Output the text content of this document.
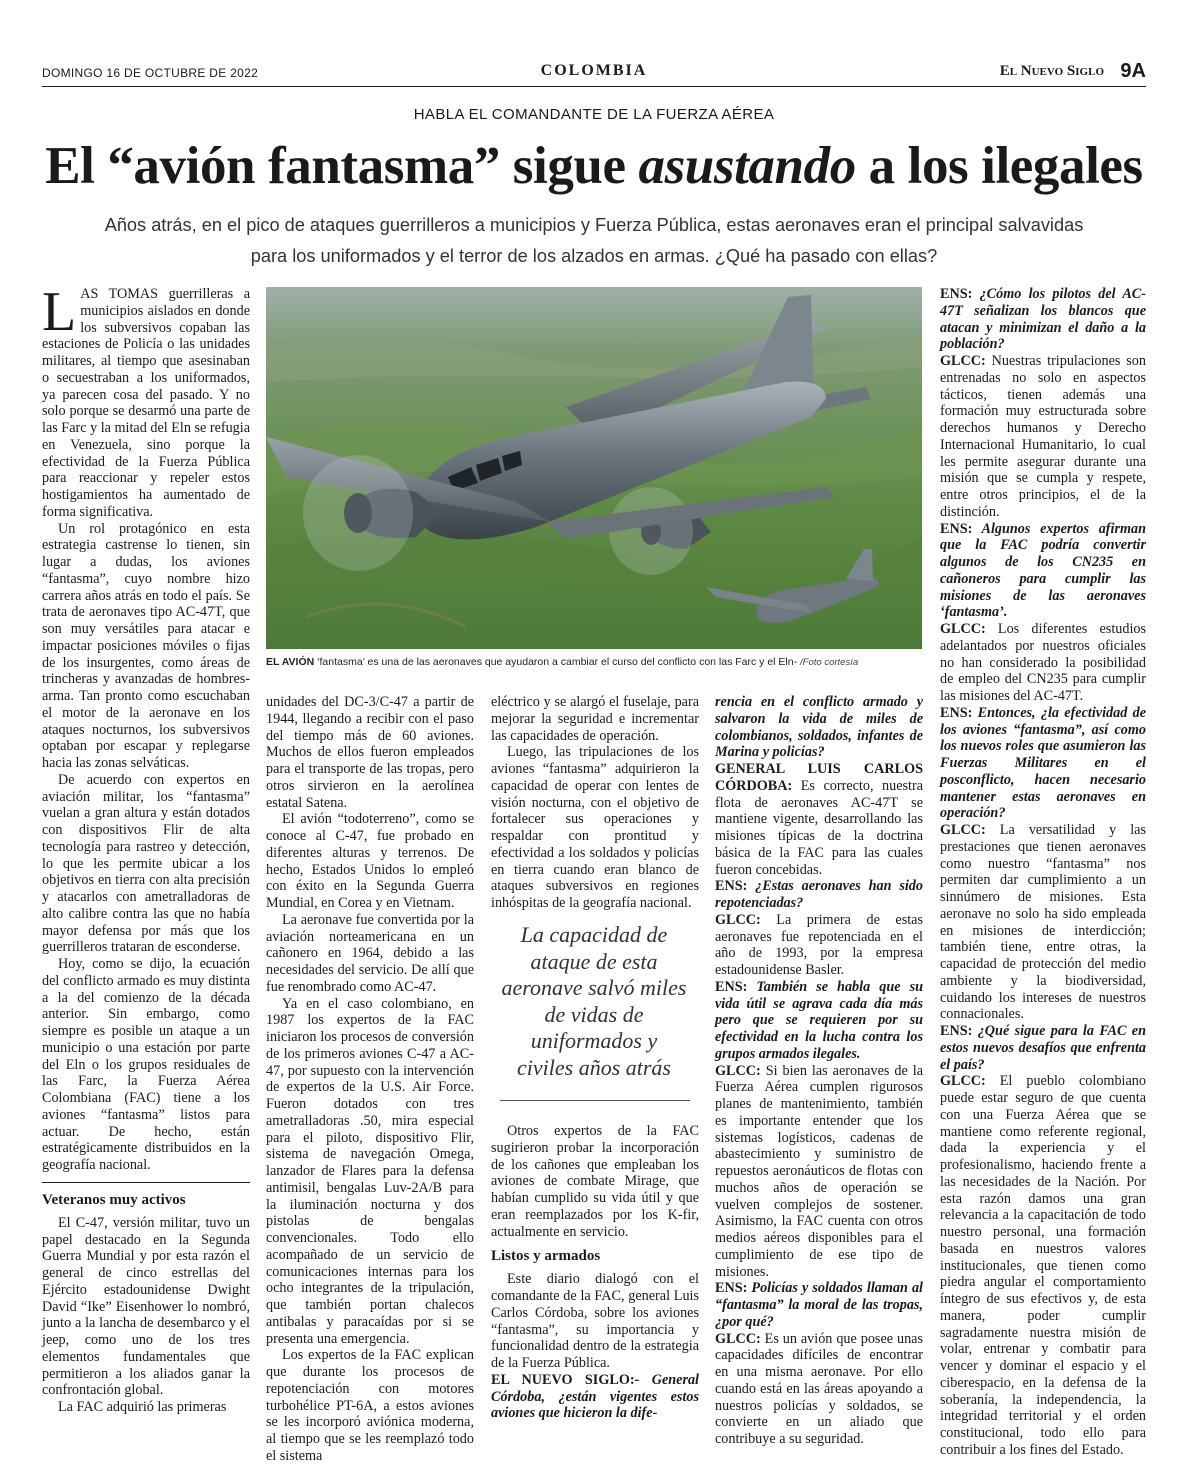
DOMINGO 16 DE OCTUBRE DE 2022	COLOMBIA	El Nuevo Siglo 9A
HABLA EL COMANDANTE DE LA FUERZA AÉREA
El “avión fantasma” sigue asustando a los ilegales
Años atrás, en el pico de ataques guerrilleros a municipios y Fuerza Pública, estas aeronaves eran el principal salvavidas para los uniformados y el terror de los alzados en armas. ¿Qué ha pasado con ellas?
EL AVIÓN ‘fantasma’ es una de las aeronaves que ayudaron a cambiar el curso del conflicto con las Farc y el Eln- /Foto cortesía

LAS TOMAS guerrilleras a municipios aislados en donde los subversivos copaban las estaciones de Policía o las unidades militares, al tiempo que asesinaban o secuestraban a los uniformados, ya parecen cosa del pasado. Y no solo porque se desarmó una parte de las Farc y la mitad del Eln se refugia en Venezuela, sino porque la efectividad de la Fuerza Pública para reaccionar y repeler estos hostigamientos ha aumentado de forma significativa.

Un rol protagónico en esta estrategia castrense lo tienen, sin lugar a dudas, los aviones “fantasma”, cuyo nombre hizo carrera años atrás en todo el país. Se trata de aeronaves tipo AC-47T, que son muy versátiles para atacar e impactar posiciones móviles o fijas de los insurgentes, como áreas de trincheras y avanzadas de hombres-arma. Tan pronto como escuchaban el motor de la aeronave en los ataques nocturnos, los subversivos optaban por escapar y replegarse hacia las zonas selváticas.

De acuerdo con expertos en aviación militar, los “fantasma” vuelan a gran altura y están dotados con dispositivos Flir de alta tecnología para rastreo y detección, lo que les permite ubicar a los objetivos en tierra con alta precisión y atacarlos con ametralladoras de alto calibre contra las que no había mayor defensa por más que los guerrilleros trataran de esconderse.

Hoy, como se dijo, la ecuación del conflicto armado es muy distinta a la del comienzo de la década anterior. Sin embargo, como siempre es posible un ataque a un municipio o una estación por parte del Eln o los grupos residuales de las Farc, la Fuerza Aérea Colombiana (FAC) tiene a los aviones “fantasma” listos para actuar. De hecho, están estratégicamente distribuidos en la geografía nacional.

Veteranos muy activos

El C-47, versión militar, tuvo un papel destacado en la Segunda Guerra Mundial y por esta razón el general de cinco estrellas del Ejército estadounidense Dwight David “Ike” Eisenhower lo nombró, junto a la lancha de desembarco y el jeep, como uno de los tres elementos fundamentales que permitieron a los aliados ganar la confrontación global.

La FAC adquirió las primeras

unidades del DC-3/C-47 a partir de 1944, llegando a recibir con el paso del tiempo más de 60 aviones. Muchos de ellos fueron empleados para el transporte de las tropas, pero otros sirvieron en la aerolínea estatal Satena.

El avión “todoterreno”, como se conoce al C-47, fue probado en diferentes alturas y terrenos. De hecho, Estados Unidos lo empleó con éxito en la Segunda Guerra Mundial, en Corea y en Vietnam.

La aeronave fue convertida por la aviación norteamericana en un cañonero en 1964, debido a las necesidades del servicio. De allí que fue renombrado como AC-47.

Ya en el caso colombiano, en 1987 los expertos de la FAC iniciaron los procesos de conversión de los primeros aviones C-47 a AC-47, por supuesto con la intervención de expertos de la U.S. Air Force. Fueron dotados con tres ametralladoras .50, mira especial para el piloto, dispositivo Flir, sistema de navegación Omega, lanzador de Flares para la defensa antimisil, bengalas Luv-2A/B para la iluminación nocturna y dos pistolas de bengalas convencionales. Todo ello acompañado de un servicio de comunicaciones internas para los ocho integrantes de la tripulación, que también portan chalecos antibalas y paracaídas por si se presenta una emergencia.

Los expertos de la FAC explican que durante los procesos de repotenciación con motores turbohélice PT-6A, a estos aviones se les incorporó aviónica moderna, al tiempo que se les reemplazó todo el sistema

eléctrico y se alargó el fuselaje, para mejorar la seguridad e incrementar las capacidades de operación.

Luego, las tripulaciones de los aviones “fantasma” adquirieron la capacidad de operar con lentes de visión nocturna, con el objetivo de fortalecer sus operaciones y respaldar con prontitud y efectividad a los soldados y policías en tierra cuando eran blanco de ataques subversivos en regiones inhóspitas de la geografía nacional.

La capacidad de ataque de esta aeronave salvó miles de vidas de uniformados y civiles años atrás

Otros expertos de la FAC sugirieron probar la incorporación de los cañones que empleaban los aviones de combate Mirage, que habían cumplido su vida útil y que eran reemplazados por los K-fir, actualmente en servicio.

Listos y armados

Este diario dialogó con el comandante de la FAC, general Luis Carlos Córdoba, sobre los aviones “fantasma”, su importancia y funcionalidad dentro de la estrategia de la Fuerza Pública.

EL NUEVO SIGLO:- General Córdoba, ¿están vigentes estos aviones que hicieron la dife-

rencia en el conflicto armado y salvaron la vida de miles de colombianos, soldados, infantes de Marina y policías?

GENERAL LUIS CARLOS CÓRDOBA: Es correcto, nuestra flota de aeronaves AC-47T se mantiene vigente, desarrollando las misiones típicas de la doctrina básica de la FAC para las cuales fueron concebidas.

ENS: ¿Estas aeronaves han sido repotenciadas?

GLCC: La primera de estas aeronaves fue repotenciada en el año de 1993, por la empresa estadounidense Basler.

ENS: También se habla que su vida útil se agrava cada día más pero que se requieren por su efectividad en la lucha contra los grupos armados ilegales.

GLCC: Si bien las aeronaves de la Fuerza Aérea cumplen rigurosos planes de mantenimiento, también es importante entender que los sistemas logísticos, cadenas de abastecimiento y suministro de repuestos aeronáuticos de flotas con muchos años de operación se vuelven complejos de sostener. Asimismo, la FAC cuenta con otros medios aéreos disponibles para el cumplimiento de ese tipo de misiones.

ENS: Policías y soldados llaman al “fantasma” la moral de las tropas, ¿por qué?

GLCC: Es un avión que posee unas capacidades difíciles de encontrar en una misma aeronave. Por ello cuando está en las áreas apoyando a nuestros policías y soldados, se convierte en un aliado que contribuye a su seguridad.

ENS: ¿Cómo los pilotos del AC-47T señalizan los blancos que atacan y minimizan el daño a la población?

GLCC: Nuestras tripulaciones son entrenadas no solo en aspectos tácticos, tienen además una formación muy estructurada sobre derechos humanos y Derecho Internacional Humanitario, lo cual les permite asegurar durante una misión que se cumpla y respete, entre otros principios, el de la distinción.

ENS: Algunos expertos afirman que la FAC podría convertir algunos de los CN235 en cañoneros para cumplir las misiones de las aeronaves ‘fantasma’.

GLCC: Los diferentes estudios adelantados por nuestros oficiales no han considerado la posibilidad de empleo del CN235 para cumplir las misiones del AC-47T.

ENS: Entonces, ¿la efectividad de los aviones “fantasma”, así como los nuevos roles que asumieron las Fuerzas Militares en el posconflicto, hacen necesario mantener estas aeronaves en operación?

GLCC: La versatilidad y las prestaciones que tienen aeronaves como nuestro “fantasma” nos permiten dar cumplimiento a un sinnúmero de misiones. Esta aeronave no solo ha sido empleada en misiones de interdicción; también tiene, entre otras, la capacidad de protección del medio ambiente y la biodiversidad, cuidando los intereses de nuestros connacionales.

ENS: ¿Qué sigue para la FAC en estos nuevos desafíos que enfrenta el país?

GLCC: El pueblo colombiano puede estar seguro de que cuenta con una Fuerza Aérea que se mantiene como referente regional, dada la experiencia y el profesionalismo, haciendo frente a las necesidades de la Nación. Por esta razón damos una gran relevancia a la capacitación de todo nuestro personal, una formación basada en nuestros valores institucionales, que tienen como piedra angular el comportamiento íntegro de sus efectivos y, de esta manera, poder cumplir sagradamente nuestra misión de volar, entrenar y combatir para vencer y dominar el espacio y el ciberespacio, en la defensa de la soberanía, la independencia, la integridad territorial y el orden constitucional, todo ello para contribuir a los fines del Estado.
